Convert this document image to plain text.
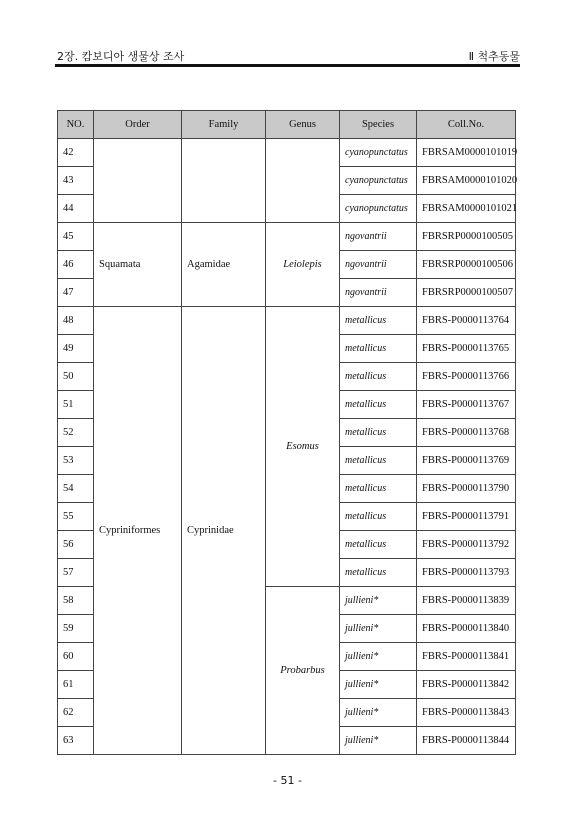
2장. 캄보디아 생물상 조사	Ⅱ 척추동물
NO.	Order	Family	Genus	Species	Coll.No.
42				cyanopunctatus	FBRSAM0000101019
43				cyanopunctatus	FBRSAM0000101020
44				cyanopunctatus	FBRSAM0000101021
45	Squamata	Agamidae	Leiolepis	ngovantrii	FBRSRP0000100505
46				ngovantrii	FBRSRP0000100506
47				ngovantrii	FBRSRP0000100507
48	Cypriniformes	Cyprinidae	Esomus	metallicus	FBRS-P0000113764
49				metallicus	FBRS-P0000113765
50				metallicus	FBRS-P0000113766
51				metallicus	FBRS-P0000113767
52				metallicus	FBRS-P0000113768
53				metallicus	FBRS-P0000113769
54				metallicus	FBRS-P0000113790
55				metallicus	FBRS-P0000113791
56				metallicus	FBRS-P0000113792
57				metallicus	FBRS-P0000113793
58			Probarbus	jullieni*	FBRS-P0000113839
59				jullieni*	FBRS-P0000113840
60				jullieni*	FBRS-P0000113841
61				jullieni*	FBRS-P0000113842
62				jullieni*	FBRS-P0000113843
63				jullieni*	FBRS-P0000113844
- 51 -
